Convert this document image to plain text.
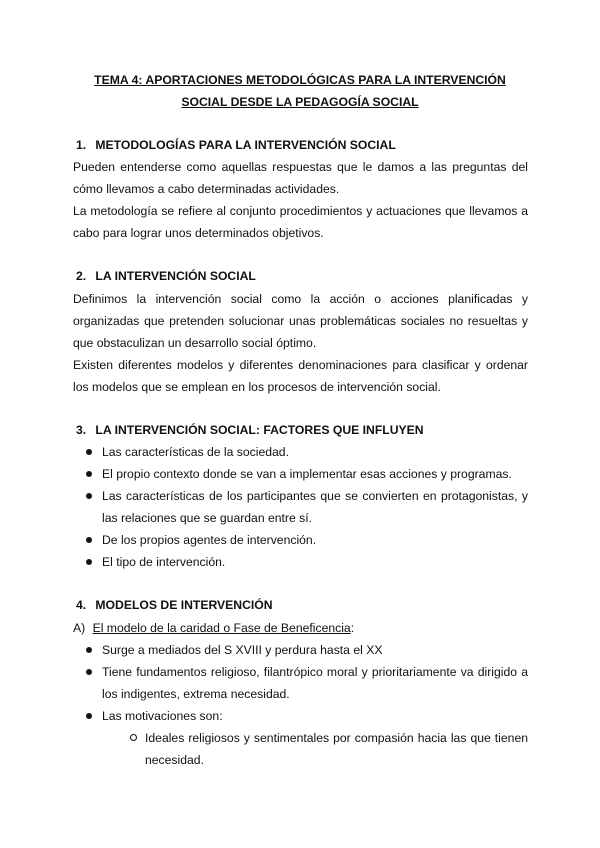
TEMA 4: APORTACIONES METODOLÓGICAS PARA LA INTERVENCIÓN
SOCIAL DESDE LA PEDAGOGÍA SOCIAL
1. METODOLOGÍAS PARA LA INTERVENCIÓN SOCIAL
Pueden entenderse como aquellas respuestas que le damos a las preguntas del cómo llevamos a cabo determinadas actividades.
La metodología se refiere al conjunto procedimientos y actuaciones que llevamos a cabo para lograr unos determinados objetivos.
2. LA INTERVENCIÓN SOCIAL
Definimos la intervención social como la acción o acciones planificadas y organizadas que pretenden solucionar unas problemáticas sociales no resueltas y que obstaculizan un desarrollo social óptimo.
Existen diferentes modelos y diferentes denominaciones para clasificar y ordenar los modelos que se emplean en los procesos de intervención social.
3. LA INTERVENCIÓN SOCIAL: FACTORES QUE INFLUYEN
Las características de la sociedad.
El propio contexto donde se van a implementar esas acciones y programas.
Las características de los participantes que se convierten en protagonistas, y
las relaciones que se guardan entre sí.
De los propios agentes de intervención.
El tipo de intervención.
4. MODELOS DE INTERVENCIÓN
A) El modelo de la caridad o Fase de Beneficencia:
Surge a mediados del S XVIII y perdura hasta el XX
Tiene fundamentos religioso, filantrópico moral y prioritariamente va dirigido a
los indigentes, extrema necesidad.
Las motivaciones son:
Ideales religiosos y sentimentales por compasión hacia las que tienen
necesidad.
